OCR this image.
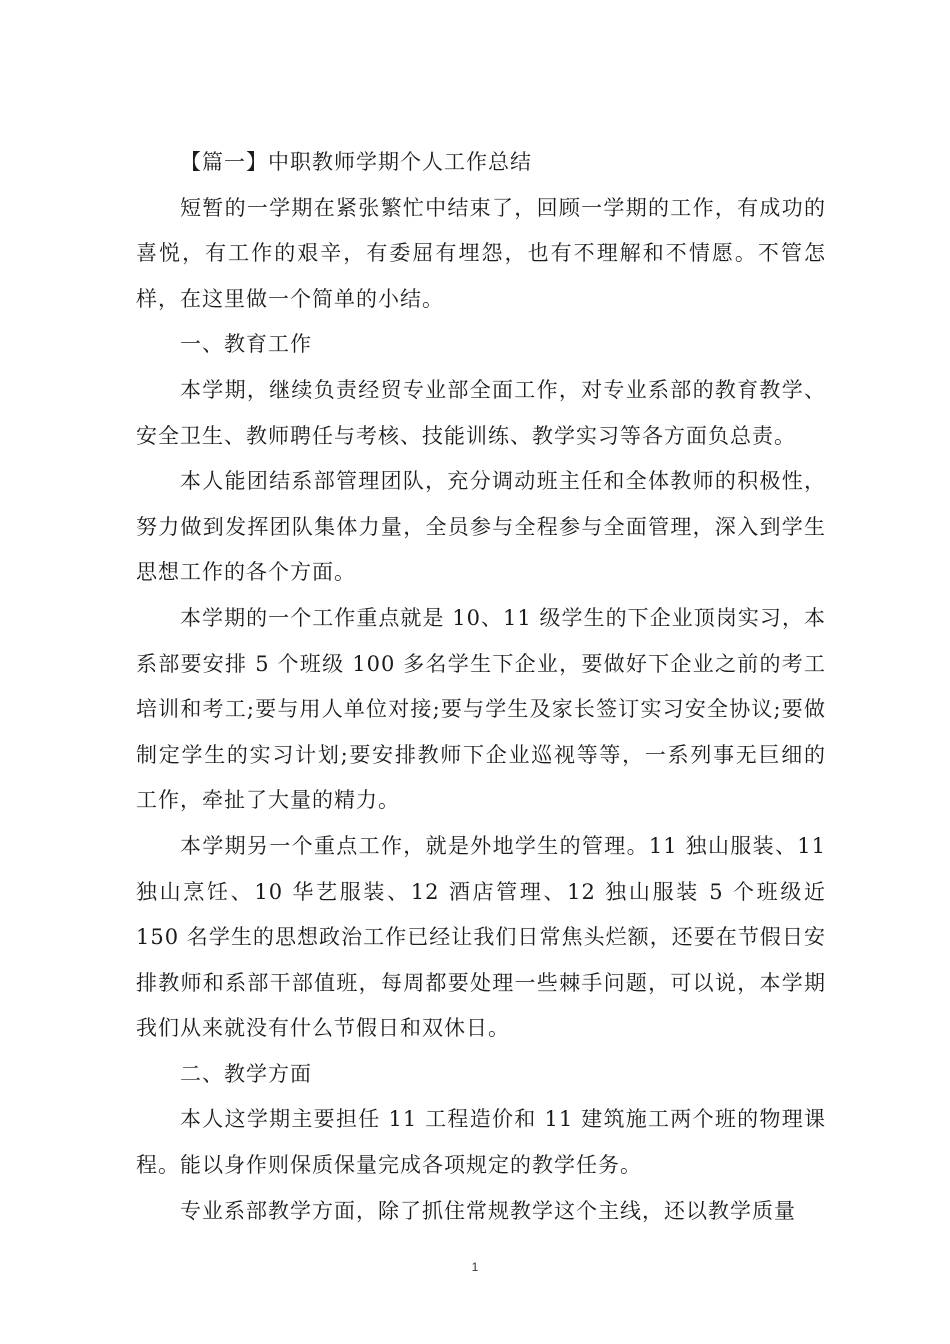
【篇一】中职教师学期个人工作总结

短暂的一学期在紧张繁忙中结束了，回顾一学期的工作，有成功的喜悦，有工作的艰辛，有委屈有埋怨，也有不理解和不情愿。不管怎样，在这里做一个简单的小结。

一、教育工作

本学期，继续负责经贸专业部全面工作，对专业系部的教育教学、安全卫生、教师聘任与考核、技能训练、教学实习等各方面负总责。

本人能团结系部管理团队，充分调动班主任和全体教师的积极性，努力做到发挥团队集体力量，全员参与全程参与全面管理，深入到学生思想工作的各个方面。

本学期的一个工作重点就是 10、11 级学生的下企业顶岗实习，本系部要安排 5 个班级 100 多名学生下企业，要做好下企业之前的考工培训和考工;要与用人单位对接;要与学生及家长签订实习安全协议;要做制定学生的实习计划;要安排教师下企业巡视等等，一系列事无巨细的工作，牵扯了大量的精力。

本学期另一个重点工作，就是外地学生的管理。11 独山服装、11 独山烹饪、10 华艺服装、12 酒店管理、12 独山服装 5 个班级近 150 名学生的思想政治工作已经让我们日常焦头烂额，还要在节假日安排教师和系部干部值班，每周都要处理一些棘手问题，可以说，本学期我们从来就没有什么节假日和双休日。

二、教学方面

本人这学期主要担任 11 工程造价和 11 建筑施工两个班的物理课程。能以身作则保质保量完成各项规定的教学任务。

专业系部教学方面，除了抓住常规教学这个主线，还以教学质量

1
